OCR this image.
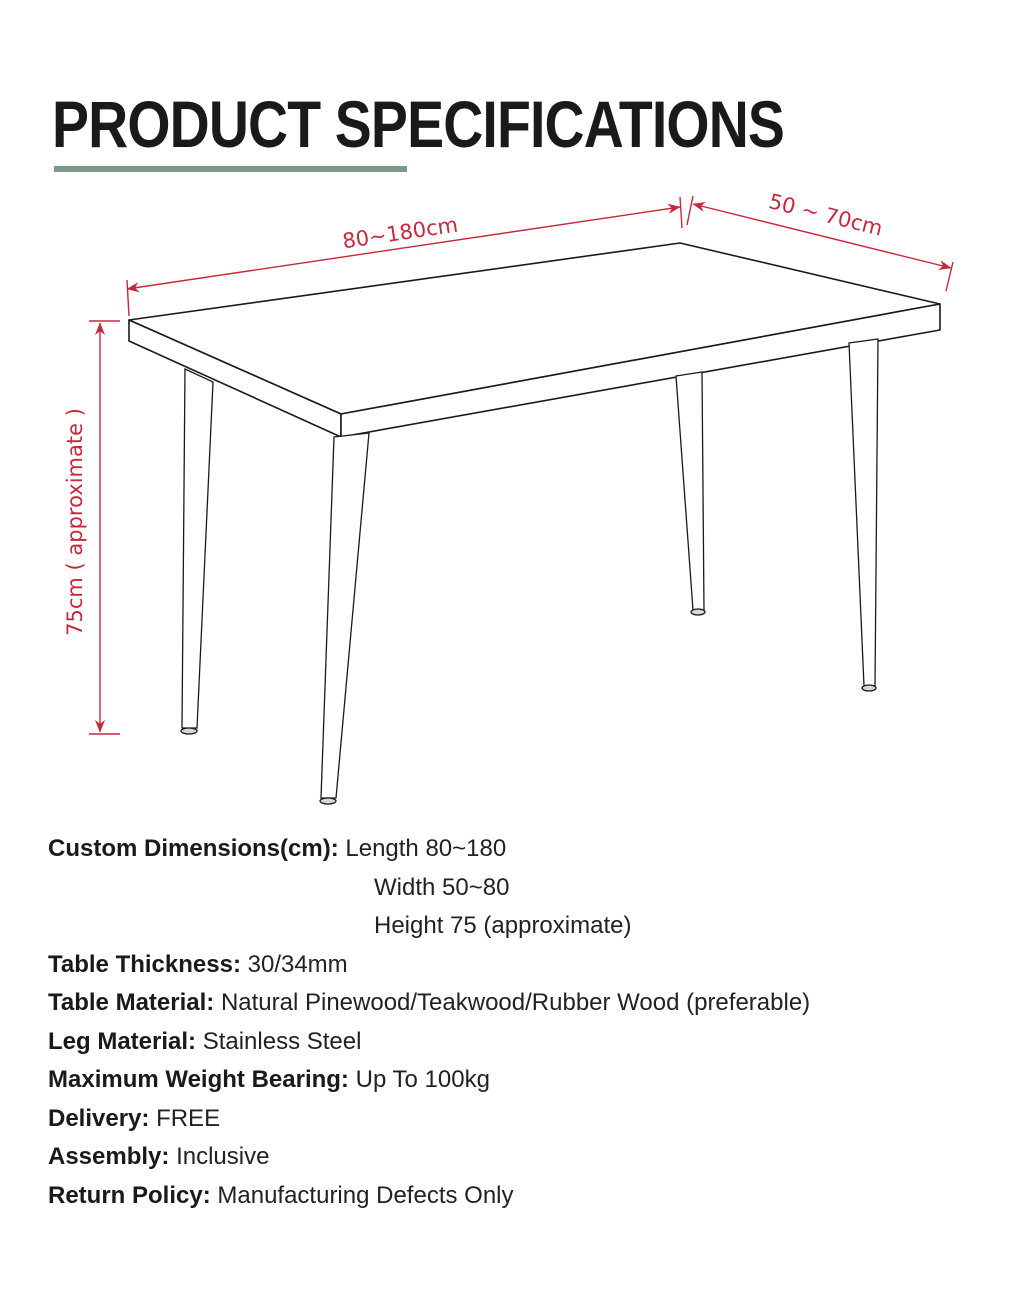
PRODUCT SPECIFICATIONS
80~180cm	50 ~ 70cm
75cm ( approximate )
Custom Dimensions(cm): Length 80~180
Width 50~80
Height 75 (approximate)
Table Thickness: 30/34mm
Table Material: Natural Pinewood/Teakwood/Rubber Wood (preferable)
Leg Material: Stainless Steel
Maximum Weight Bearing: Up To 100kg
Delivery: FREE
Assembly: Inclusive
Return Policy: Manufacturing Defects Only
